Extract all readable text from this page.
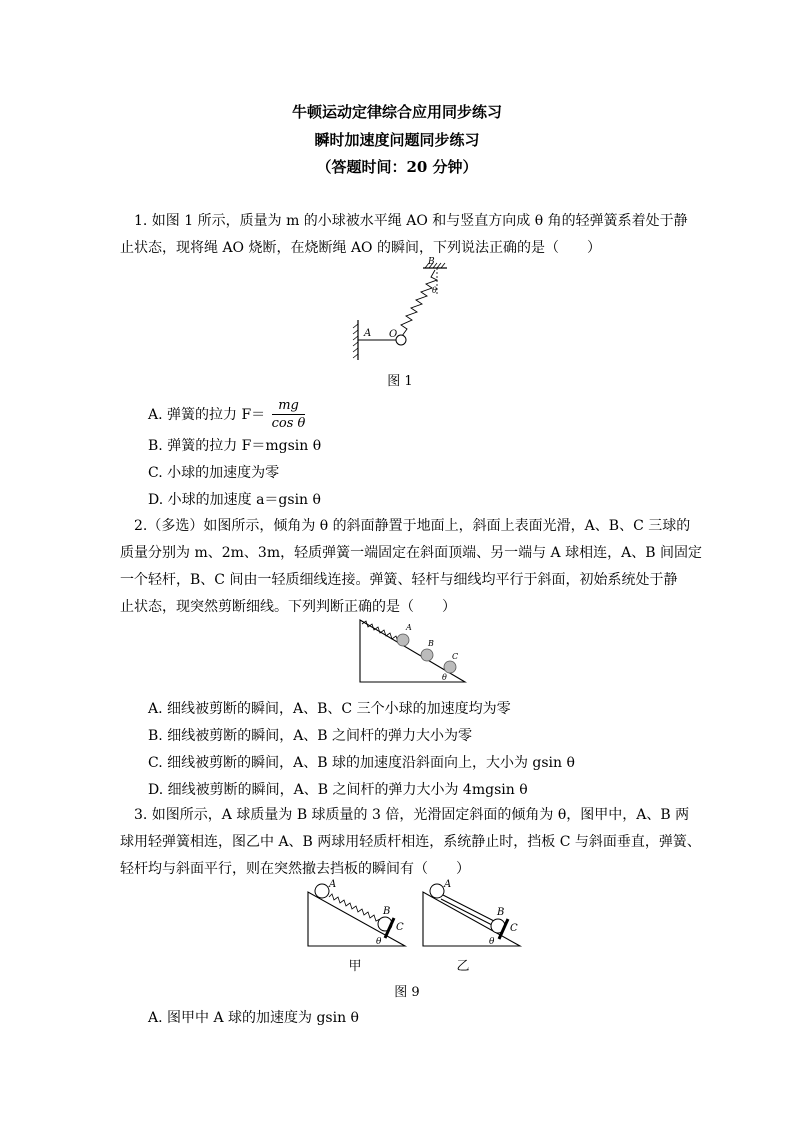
牛顿运动定律综合应用同步练习
瞬时加速度问题同步练习
（答题时间：20 分钟）
1. 如图 1 所示，质量为 m 的小球被水平绳 AO 和与竖直方向成 θ 角的轻弹簧系着处于静
止状态，现将绳 AO 烧断，在烧断绳 AO 的瞬间，下列说法正确的是（　　）
B
θ
A O
图 1
A. 弹簧的拉力 $F= \frac{mg}{\text{cos θ}}$
B. 弹簧的拉力 F＝mgsin θ
C. 小球的加速度为零
D. 小球的加速度 a＝gsin θ
2.（多选）如图所示，倾角为 θ 的斜面静置于地面上，斜面上表面光滑，A、B、C 三球的
质量分别为 m、2m、3m，轻质弹簧一端固定在斜面顶端、另一端与 A 球相连，A、B 间固定
一个轻杆，B、C 间由一轻质细线连接。弹簧、轻杆与细线均平行于斜面，初始系统处于静
止状态，现突然剪断细线。下列判断正确的是（　　）
A
B
C
θ
A. 细线被剪断的瞬间，A、B、C 三个小球的加速度均为零
B. 细线被剪断的瞬间，A、B 之间杆的弹力大小为零
C. 细线被剪断的瞬间，A、B 球的加速度沿斜面向上，大小为 gsin θ
D. 细线被剪断的瞬间，A、B 之间杆的弹力大小为 4mgsin θ
3. 如图所示，A 球质量为 B 球质量的 3 倍，光滑固定斜面的倾角为 θ，图甲中，A、B 两
球用轻弹簧相连，图乙中 A、B 两球用轻质杆相连，系统静止时，挡板 C 与斜面垂直，弹簧、
轻杆均与斜面平行，则在突然撤去挡板的瞬间有（　　）
A
B
C
θ
A
B
C
θ
甲	乙
图 9
A. 图甲中 A 球的加速度为 gsin θ
